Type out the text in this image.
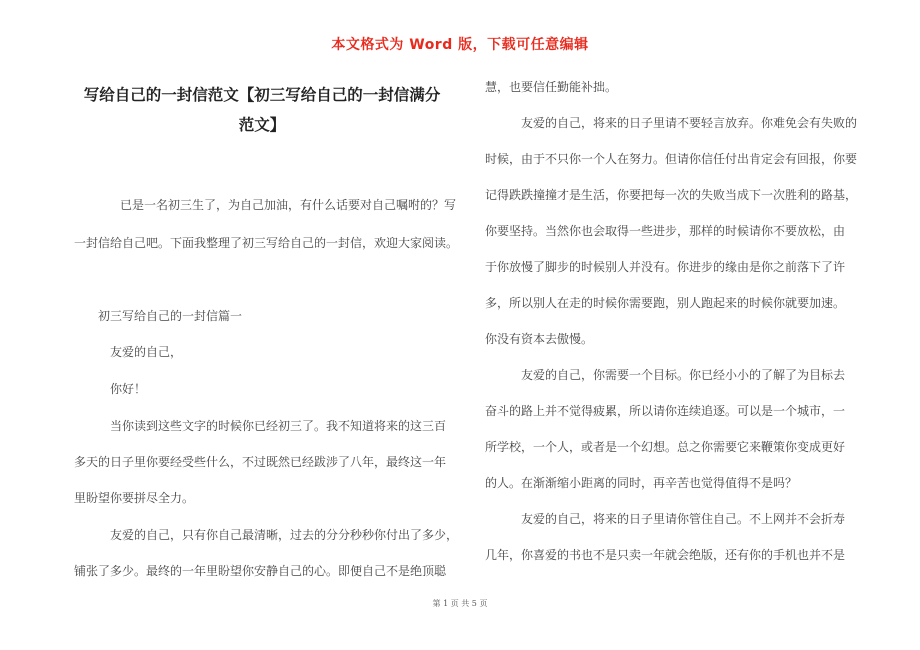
本文格式为 Word 版，下载可任意编辑
写给自己的一封信范文【初三写给自己的一封信满分
范文】
已是一名初三生了，为自己加油，有什么话要对自己嘱咐的？写
一封信给自己吧。下面我整理了初三写给自己的一封信，欢迎大家阅读。
初三写给自己的一封信篇一
友爱的自己，
你好！
当你读到这些文字的时候你已经初三了。我不知道将来的这三百
多天的日子里你要经受些什么，不过既然已经跋涉了八年，最终这一年
里盼望你要拼尽全力。
友爱的自己，只有你自己最清晰，过去的分分秒秒你付出了多少，
铺张了多少。最终的一年里盼望你安静自己的心。即便自己不是绝顶聪
慧，也要信任勤能补拙。
友爱的自己，将来的日子里请不要轻言放弃。你难免会有失败的
时候，由于不只你一个人在努力。但请你信任付出肯定会有回报，你要
记得跌跌撞撞才是生活，你要把每一次的失败当成下一次胜利的路基，
你要坚持。当然你也会取得一些进步，那样的时候请你不要放松，由
于你放慢了脚步的时候别人并没有。你进步的缘由是你之前落下了许
多，所以别人在走的时候你需要跑，别人跑起来的时候你就要加速。
你没有资本去傲慢。
友爱的自己，你需要一个目标。你已经小小的了解了为目标去
奋斗的路上并不觉得疲累，所以请你连续追逐。可以是一个城市，一
所学校，一个人，或者是一个幻想。总之你需要它来鞭策你变成更好
的人。在渐渐缩小距离的同时，再辛苦也觉得值得不是吗？
友爱的自己，将来的日子里请你管住自己。不上网并不会折寿
几年，你喜爱的书也不是只卖一年就会绝版，还有你的手机也并不是
第 1 页 共 5 页
